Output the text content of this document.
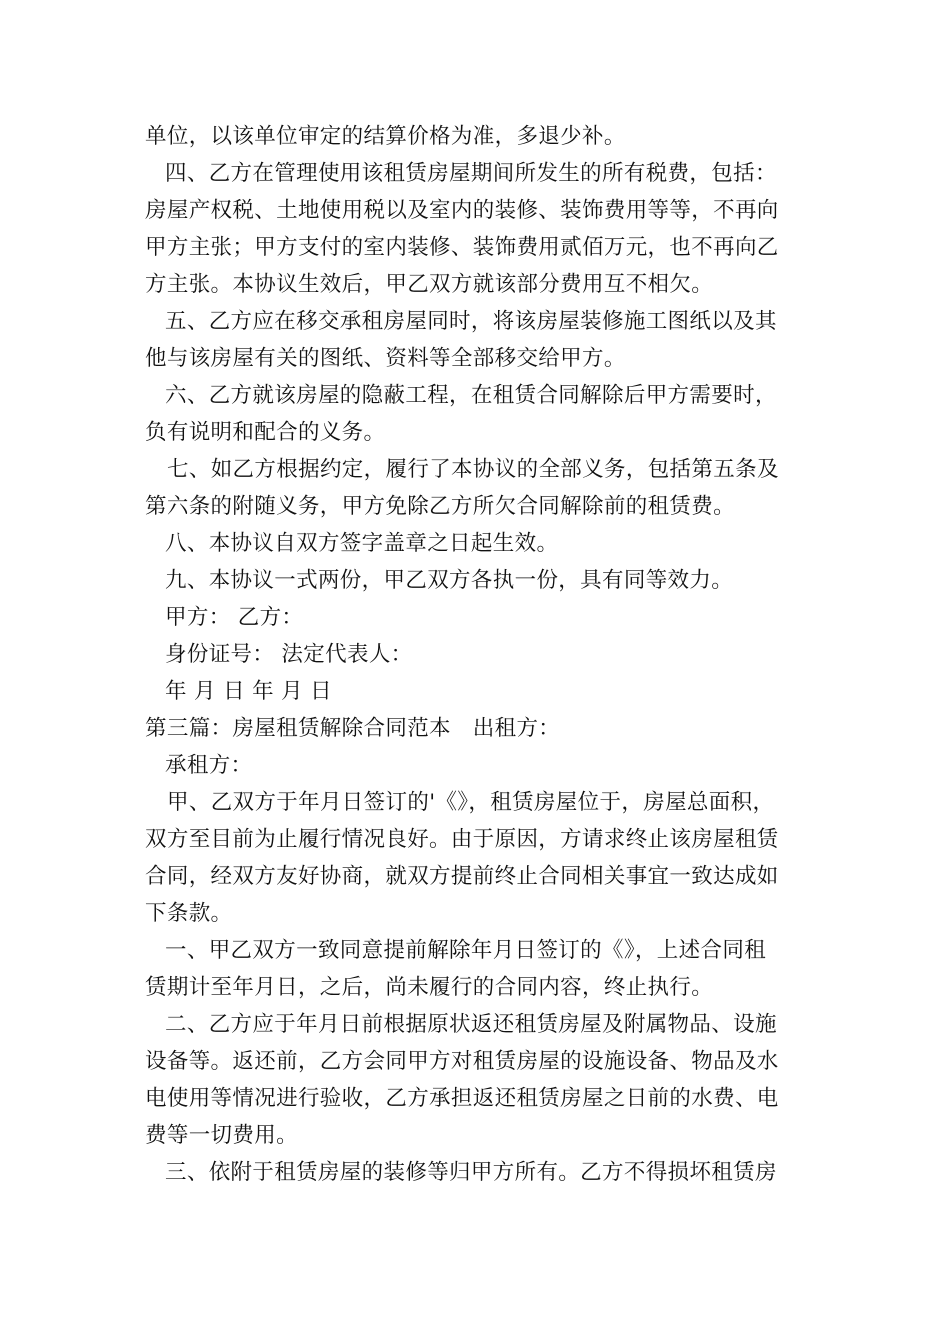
单位，以该单位审定的结算价格为准，多退少补。

四、乙方在管理使用该租赁房屋期间所发生的所有税费，包括：

房屋产权税、土地使用税以及室内的装修、装饰费用等等，不再向

甲方主张；甲方支付的室内装修、装饰费用贰佰万元，也不再向乙

方主张。本协议生效后，甲乙双方就该部分费用互不相欠。

五、乙方应在移交承租房屋同时，将该房屋装修施工图纸以及其

他与该房屋有关的图纸、资料等全部移交给甲方。

六、乙方就该房屋的隐蔽工程，在租赁合同解除后甲方需要时，

负有说明和配合的义务。

七、如乙方根据约定，履行了本协议的全部义务，包括第五条及

第六条的附随义务，甲方免除乙方所欠合同解除前的租赁费。

八、本协议自双方签字盖章之日起生效。

九、本协议一式两份，甲乙双方各执一份，具有同等效力。

甲方： 乙方：

身份证号： 法定代表人：

年 月 日 年 月 日

第三篇：房屋租赁解除合同范本　出租方：

承租方：

甲、乙双方于年月日签订的'《》，租赁房屋位于，房屋总面积，

双方至目前为止履行情况良好。由于原因，方请求终止该房屋租赁

合同，经双方友好协商，就双方提前终止合同相关事宜一致达成如

下条款。

一、甲乙双方一致同意提前解除年月日签订的《》，上述合同租

赁期计至年月日，之后，尚未履行的合同内容，终止执行。

二、乙方应于年月日前根据原状返还租赁房屋及附属物品、设施

设备等。返还前，乙方会同甲方对租赁房屋的设施设备、物品及水

电使用等情况进行验收，乙方承担返还租赁房屋之日前的水费、电

费等一切费用。

三、依附于租赁房屋的装修等归甲方所有。乙方不得损坏租赁房
